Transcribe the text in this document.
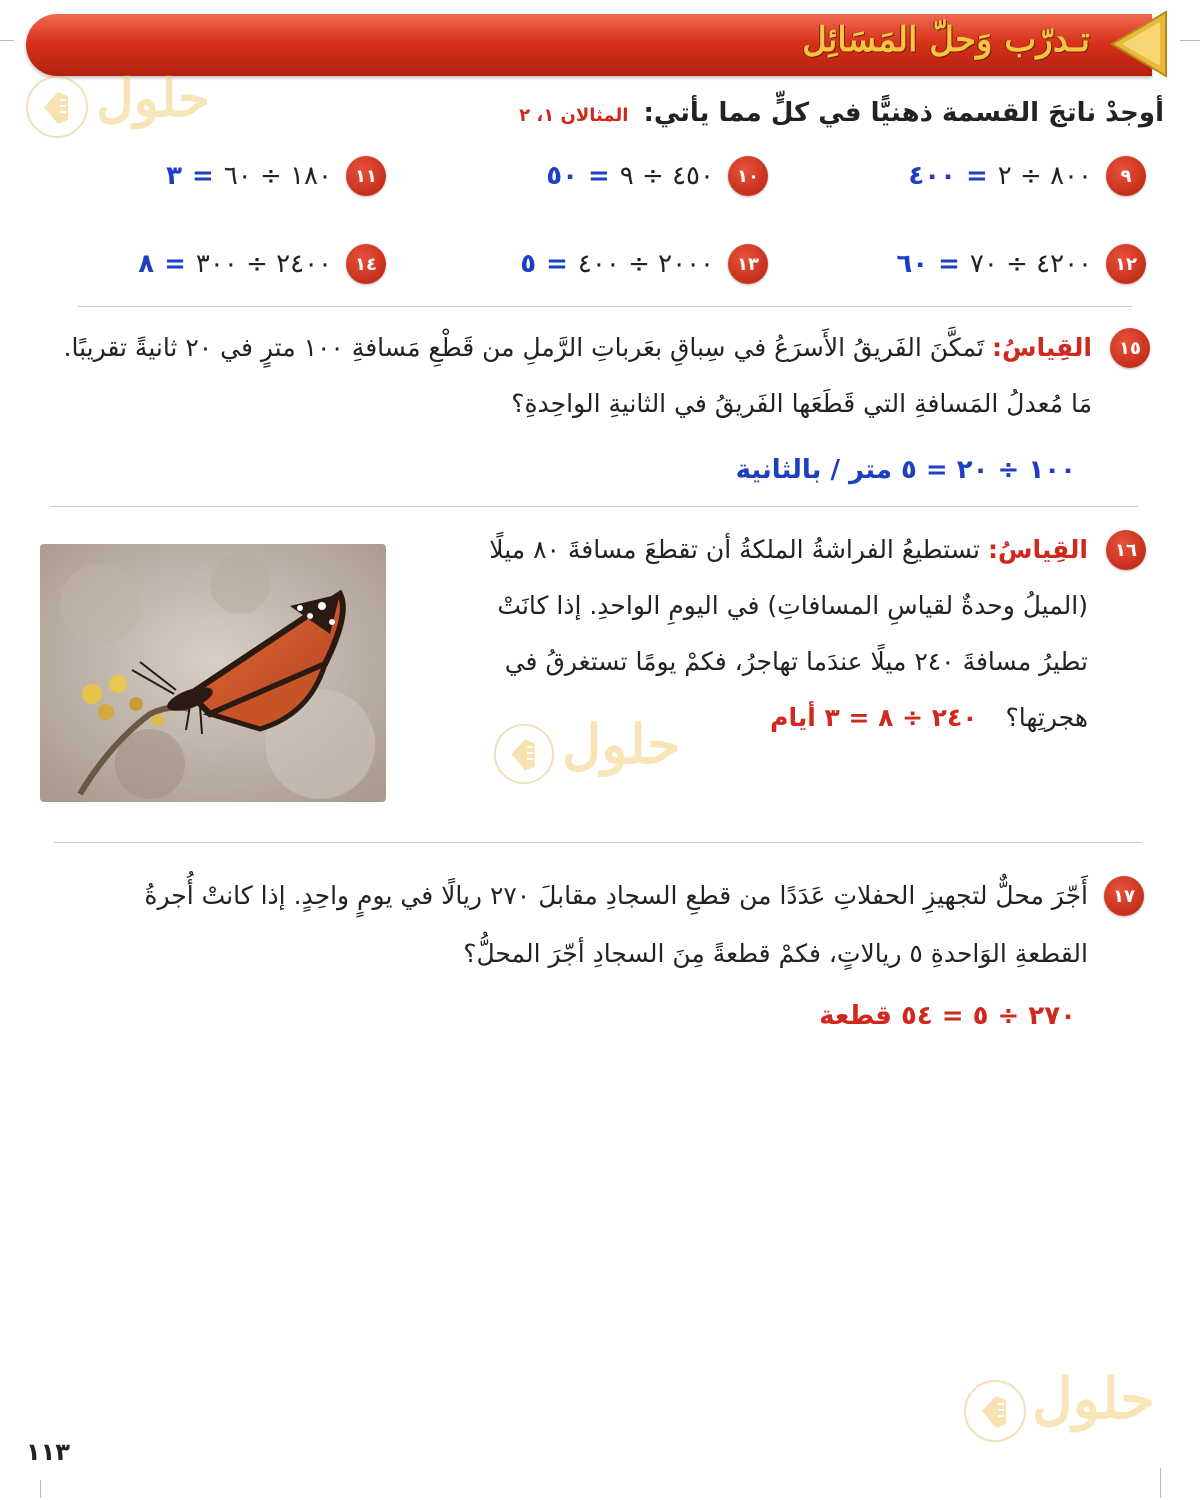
تـدرّب وَحلّ المَسَائِل
حلول	أوجدْ ناتجَ القسمة ذهنيًّا في كلٍّ مما يأتي: المثالان ١، ٢
٩
٨٠٠ ÷ ٢
=
٤٠٠
١٠
٤٥٠ ÷ ٩
=
٥٠
١١
١٨٠ ÷ ٦٠
=
٣
١٢
٤٢٠٠ ÷ ٧٠
=
٦٠
١٣
٢٠٠٠ ÷ ٤٠٠
=
٥
١٤
٢٤٠٠ ÷ ٣٠٠
=
٨
١٥
القِياسُ: تَمكَّنَ الفَريقُ الأَسرَعُ في سِباقِ بعَرباتِ الرَّملِ من قَطْعِ مَسافةِ ١٠٠ مترٍ في ٢٠ ثانيةً تقريبًا.
مَا مُعدلُ المَسافةِ التي قَطَعَها الفَريقُ في الثانيةِ الواحِدةِ؟
١٠٠ ÷ ٢٠ = ٥ متر / بالثانية
١٦
القِياسُ: تستطيعُ الفراشةُ الملكةُ أن تقطعَ مسافةَ ٨٠ ميلًا
(الميلُ وحدةٌ لقياسِ المسافاتِ) في اليومِ الواحدِ. إذا كانَتْ
تطيرُ مسافةَ ٢٤٠ ميلًا عندَما تهاجرُ، فكمْ يومًا تستغرقُ في
هجرتِها؟ ٢٤٠ ÷ ٨ = ٣ أيام
حلول
١٧
أَجّرَ محلٌّ لتجهيزِ الحفلاتِ عَدَدًا من قطعِ السجادِ مقابلَ ٢٧٠ ريالًا في يومٍ واحِدٍ. إذا كانتْ أُجرةُ
القطعةِ الوَاحدةِ ٥ ريالاتٍ، فكمْ قطعةً مِنَ السجادِ أجّرَ المحلُّ؟
٢٧٠ ÷ ٥ = ٥٤ قطعة
حلول
١١٣
